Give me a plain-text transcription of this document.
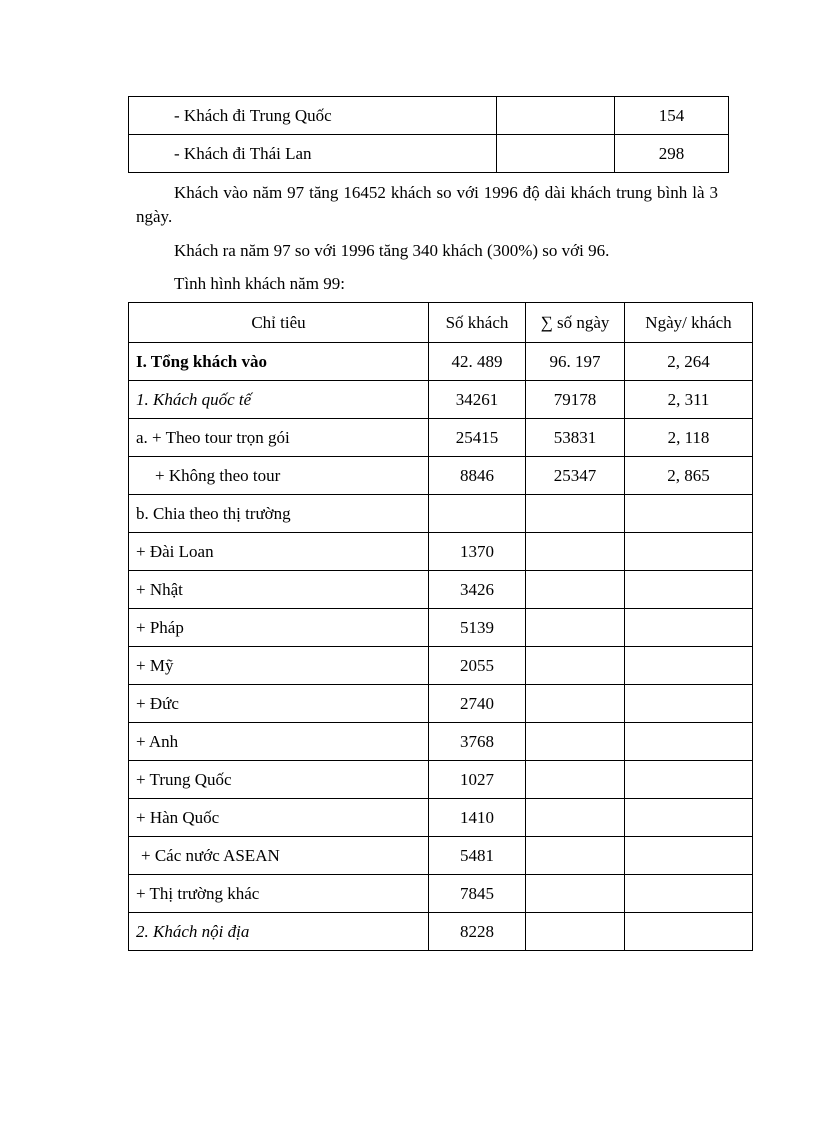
- Khách đi Trung Quốc		154
- Khách đi Thái Lan		298

Khách vào năm 97 tăng 16452 khách so với 1996 độ dài khách trung bình là 3 ngày.

Khách ra năm 97 so với 1996 tăng 340 khách (300%) so với 96.

Tình hình khách năm 99:

Chỉ tiêu	Số khách	∑ số ngày	Ngày/ khách
I. Tổng khách vào	42. 489	96. 197	2, 264
1. Khách quốc tế	34261	79178	2, 311
a. + Theo tour trọn gói	25415	53831	2, 118
+ Không theo tour	8846	25347	2, 865
b. Chia theo thị trường			
+ Đài Loan	1370		
+ Nhật	3426		
+ Pháp	5139		
+ Mỹ	2055		
+ Đức	2740		
+ Anh	3768		
+ Trung Quốc	1027		
+ Hàn Quốc	1410		
+ Các nước ASEAN	5481		
+ Thị trường khác	7845		
2. Khách nội địa	8228		
